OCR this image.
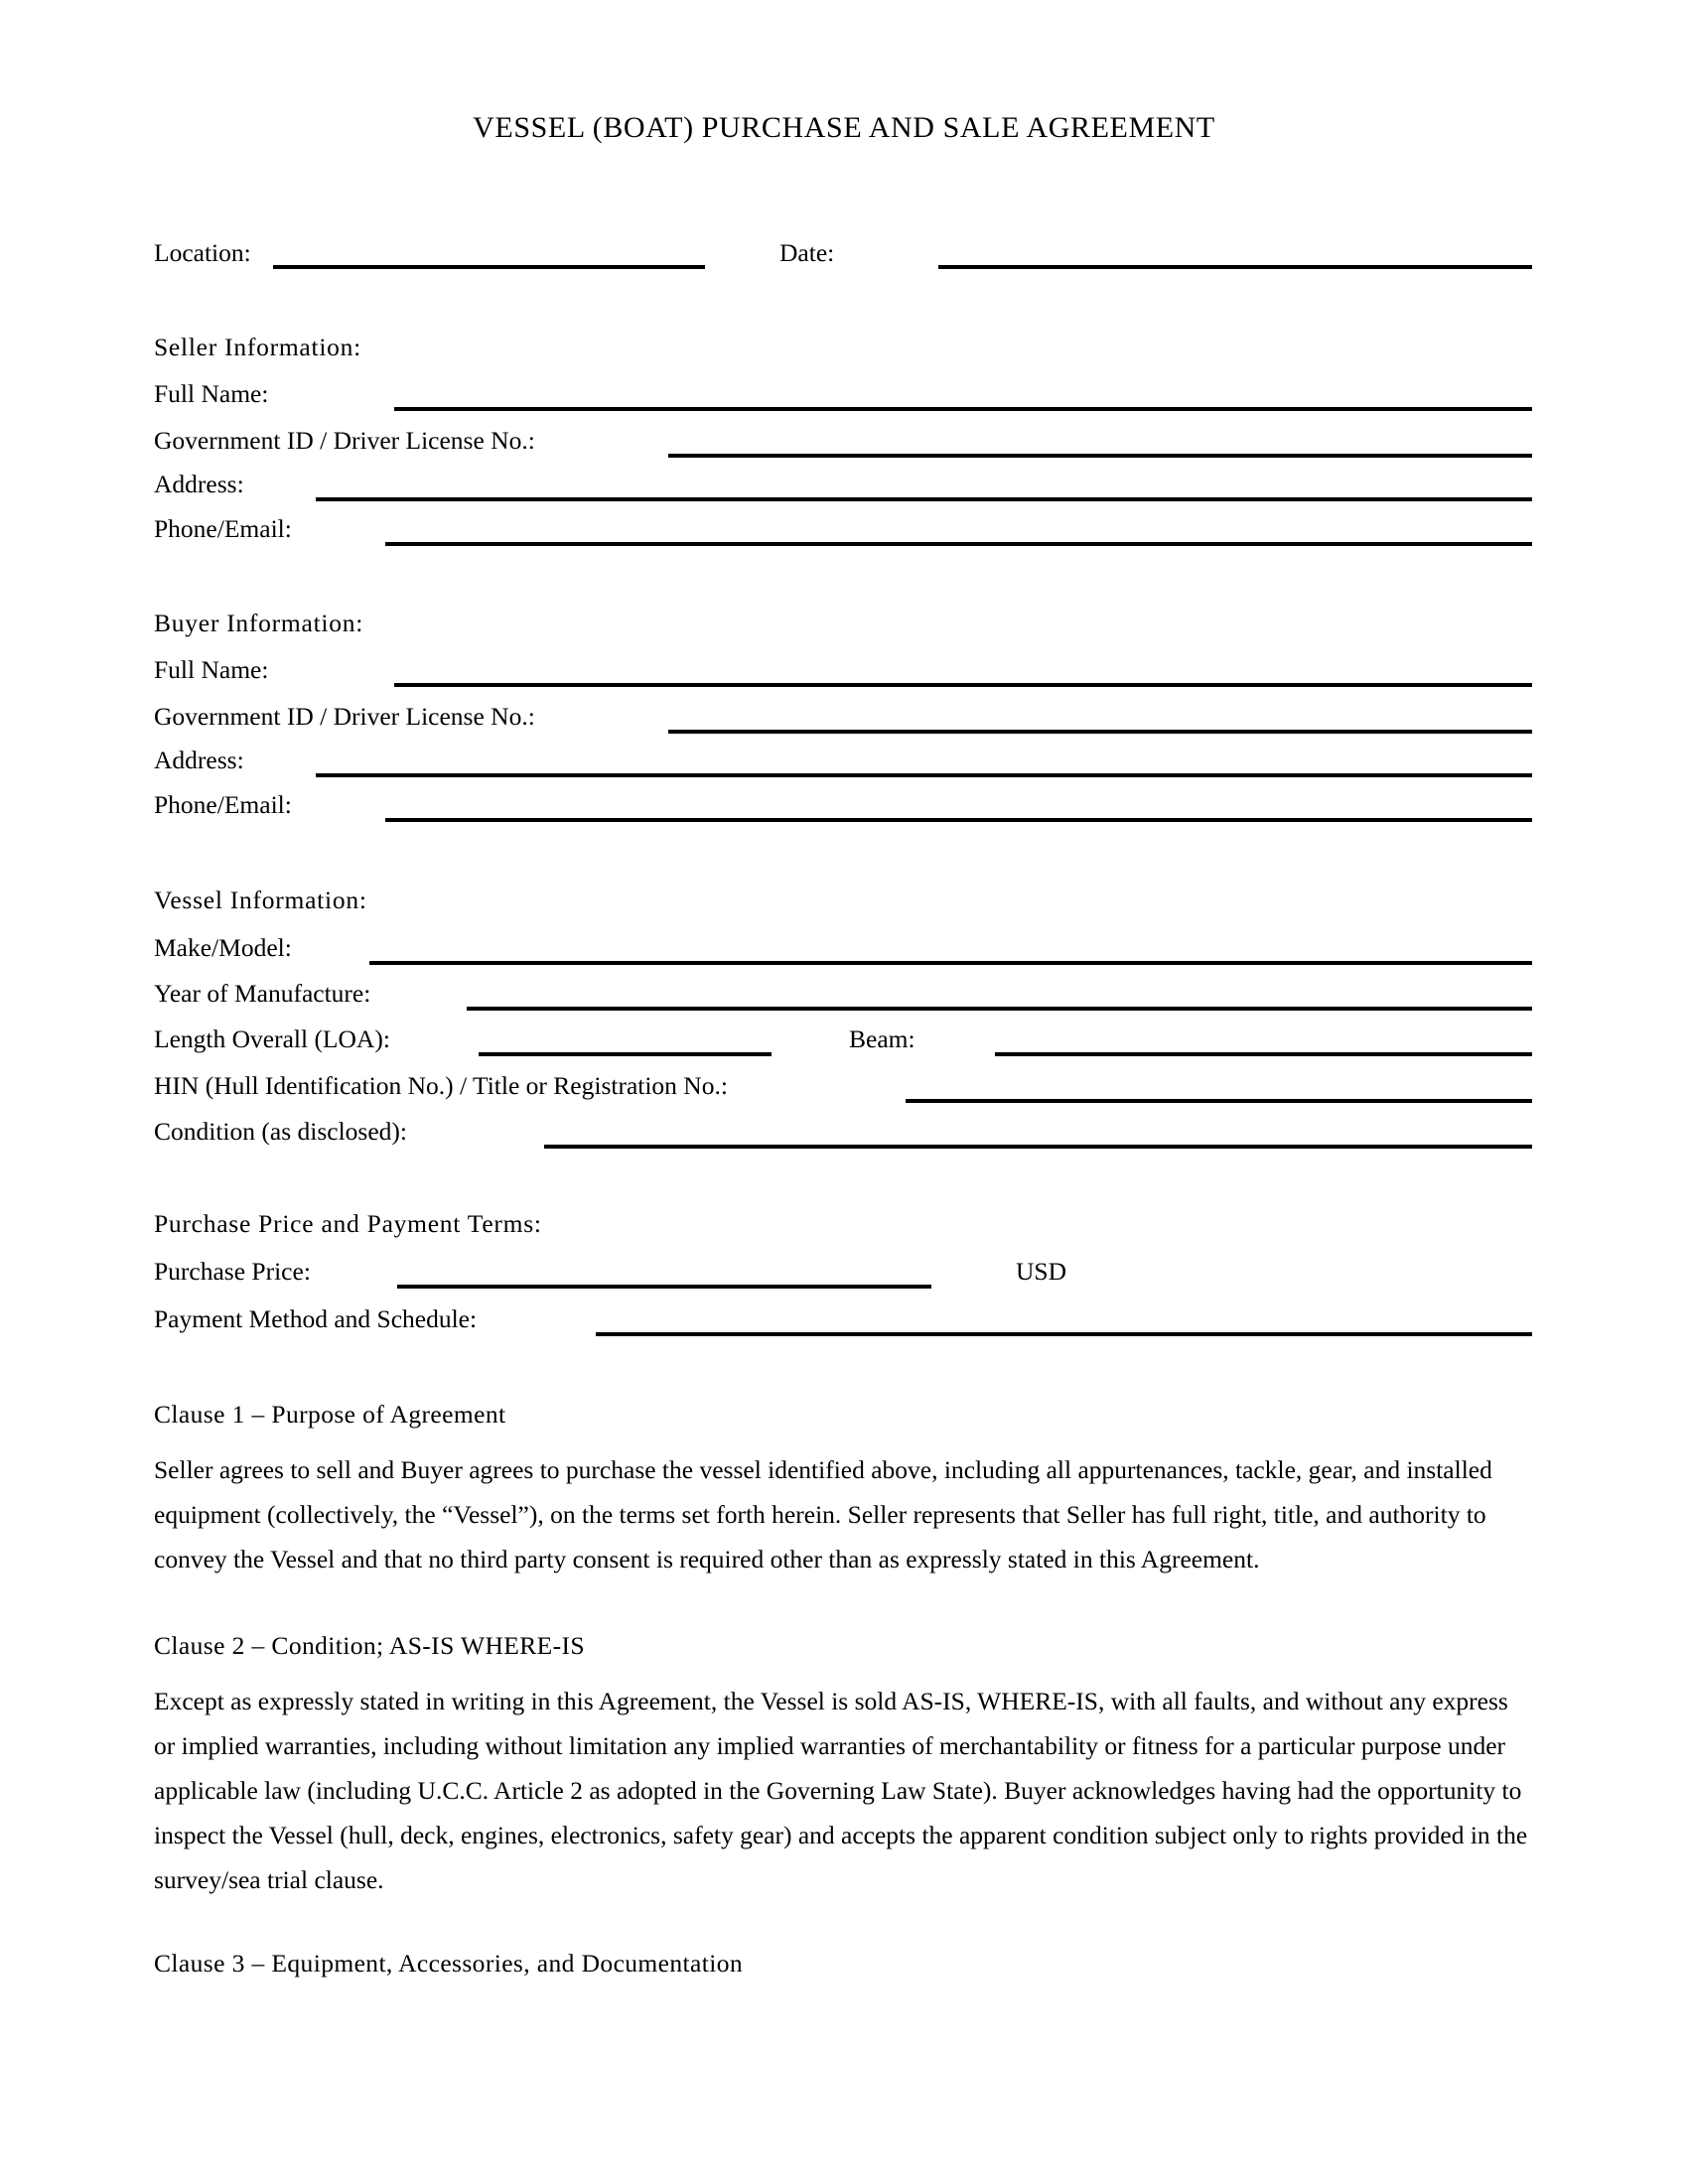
VESSEL (BOAT) PURCHASE AND SALE AGREEMENT
Location:	Date:
Seller Information:
Full Name:
Government ID / Driver License No.:
Address:
Phone/Email:
Buyer Information:
Full Name:
Government ID / Driver License No.:
Address:
Phone/Email:
Vessel Information:
Make/Model:
Year of Manufacture:
Length Overall (LOA):	Beam:
HIN (Hull Identification No.) / Title or Registration No.:
Condition (as disclosed):
Purchase Price and Payment Terms:
Purchase Price:	USD
Payment Method and Schedule:
Clause 1 – Purpose of Agreement
Seller agrees to sell and Buyer agrees to purchase the vessel identified above, including all appurtenances, tackle, gear, and installed equipment (collectively, the “Vessel”), on the terms set forth herein. Seller represents that Seller has full right, title, and authority to convey the Vessel and that no third party consent is required other than as expressly stated in this Agreement.
Clause 2 – Condition; AS-IS WHERE-IS
Except as expressly stated in writing in this Agreement, the Vessel is sold AS-IS, WHERE-IS, with all faults, and without any express or implied warranties, including without limitation any implied warranties of merchantability or fitness for a particular purpose under applicable law (including U.C.C. Article 2 as adopted in the Governing Law State). Buyer acknowledges having had the opportunity to inspect the Vessel (hull, deck, engines, electronics, safety gear) and accepts the apparent condition subject only to rights provided in the survey/sea trial clause.
Clause 3 – Equipment, Accessories, and Documentation
